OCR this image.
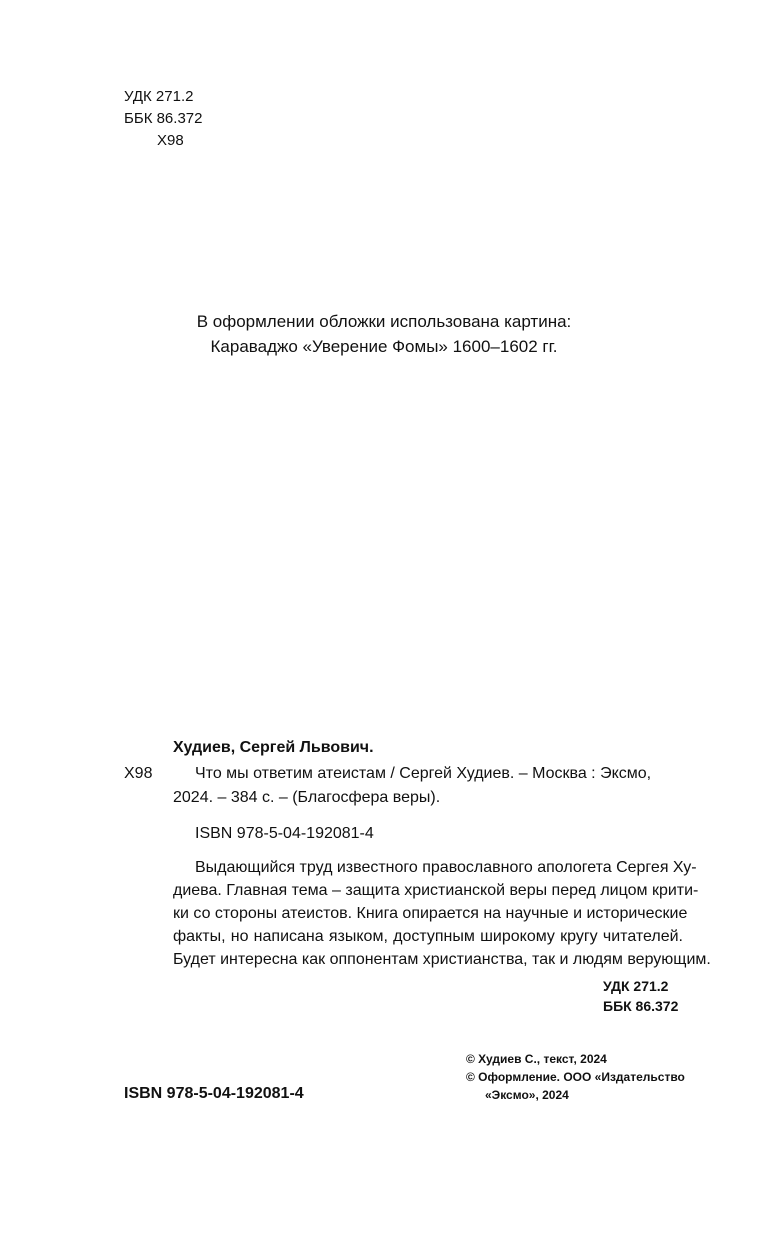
УДК 271.2
ББК 86.372
Х98
В оформлении обложки использована картина:
Караваджо «Уверение Фомы» 1600–1602 гг.
Худиев, Сергей Львович.
Х98	Что мы ответим атеистам / Сергей Худиев. – Москва : Эксмо,
2024. – 384 с. – (Благосфера веры).
ISBN 978-5-04-192081-4
Выдающийся труд известного православного апологета Сергея Ху-
диева. Главная тема – защита христианской веры перед лицом крити-
ки со стороны атеистов. Книга опирается на научные и исторические
факты, но написана языком, доступным широкому кругу читателей.
Будет интересна как оппонентам христианства, так и людям верующим.
УДК 271.2
ББК 86.372
ISBN 978-5-04-192081-4
© Худиев С., текст, 2024
© Оформление. ООО «Издательство
«Эксмо», 2024
